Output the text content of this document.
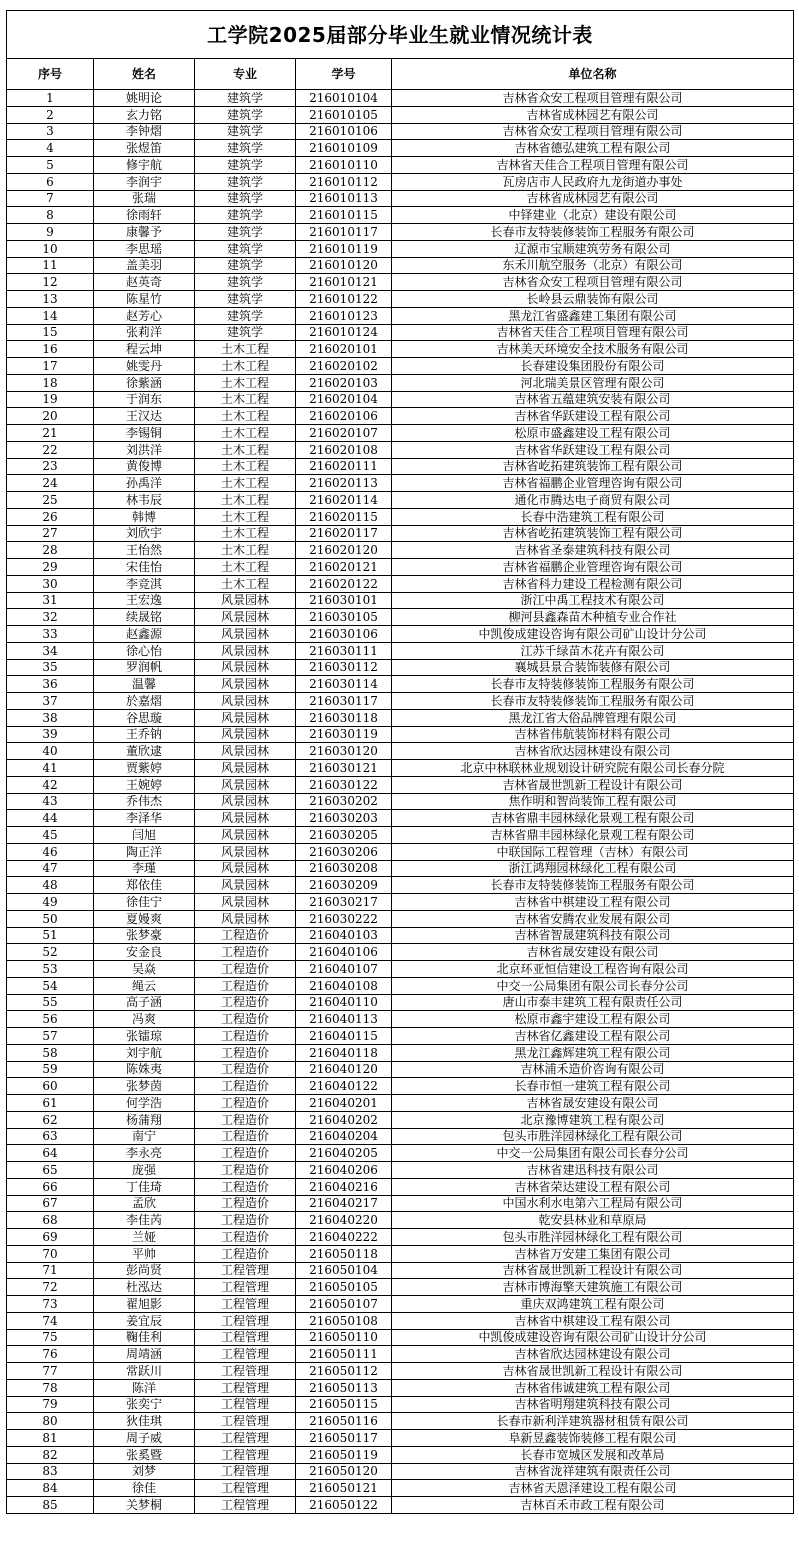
工学院2025届部分毕业生就业情况统计表				
序号	姓名	专业	学号	单位名称
1	姚明论	建筑学	216010104	吉林省众安工程项目管理有限公司
2	玄力铭	建筑学	216010105	吉林省成林园艺有限公司
3	李钟熠	建筑学	216010106	吉林省众安工程项目管理有限公司
4	张煜笛	建筑学	216010109	吉林省德弘建筑工程有限公司
5	修宇航	建筑学	216010110	吉林省天佳合工程项目管理有限公司
6	李润宇	建筑学	216010112	瓦房店市人民政府九龙街道办事处
7	张瑞	建筑学	216010113	吉林省成林园艺有限公司
8	徐雨轩	建筑学	216010115	中铎建业（北京）建设有限公司
9	康馨予	建筑学	216010117	长春市友特装修装饰工程服务有限公司
10	李思瑶	建筑学	216010119	辽源市宝顺建筑劳务有限公司
11	盖美羽	建筑学	216010120	东禾川航空服务（北京）有限公司
12	赵英奇	建筑学	216010121	吉林省众安工程项目管理有限公司
13	陈星竹	建筑学	216010122	长岭县云鼎装饰有限公司
14	赵芳心	建筑学	216010123	黑龙江省盛鑫建工集团有限公司
15	张莉洋	建筑学	216010124	吉林省天佳合工程项目管理有限公司
16	程云坤	土木工程	216020101	吉林美天环境安全技术服务有限公司
17	姚雯丹	土木工程	216020102	长春建设集团股份有限公司
18	徐紫涵	土木工程	216020103	河北瑞美景区管理有限公司
19	于润东	土木工程	216020104	吉林省五蕴建筑安装有限公司
20	王汉达	土木工程	216020106	吉林省华跃建设工程有限公司
21	李锡铜	土木工程	216020107	松原市盛鑫建设工程有限公司
22	刘洪洋	土木工程	216020108	吉林省华跃建设工程有限公司
23	黄俊博	土木工程	216020111	吉林省屹拓建筑装饰工程有限公司
24	孙禹洋	土木工程	216020113	吉林省福鹏企业管理咨询有限公司
25	林韦辰	土木工程	216020114	通化市腾达电子商贸有限公司
26	韩博	土木工程	216020115	长春中浩建筑工程有限公司
27	刘欣宇	土木工程	216020117	吉林省屹拓建筑装饰工程有限公司
28	王怡然	土木工程	216020120	吉林省圣泰建筑科技有限公司
29	宋佳怡	土木工程	216020121	吉林省福鹏企业管理咨询有限公司
30	李竞淇	土木工程	216020122	吉林省科力建设工程检测有限公司
31	王宏逸	风景园林	216030101	浙江中禹工程技术有限公司
32	续晟铭	风景园林	216030105	柳河县鑫森苗木种植专业合作社
33	赵鑫源	风景园林	216030106	中凯俊成建设咨询有限公司矿山设计分公司
34	徐心怡	风景园林	216030111	江苏千绿苗木花卉有限公司
35	罗润帆	风景园林	216030112	襄城县景合装饰装修有限公司
36	温馨	风景园林	216030114	长春市友特装修装饰工程服务有限公司
37	於嘉熠	风景园林	216030117	长春市友特装修装饰工程服务有限公司
38	谷思璇	风景园林	216030118	黑龙江省大俗品牌管理有限公司
39	王乔钠	风景园林	216030119	吉林省伟航装饰材料有限公司
40	董欣逮	风景园林	216030120	吉林省欣达园林建设有限公司
41	贾紫婷	风景园林	216030121	北京中林联林业规划设计研究院有限公司长春分院
42	王婉婷	风景园林	216030122	吉林省晟世凯新工程设计有限公司
43	乔伟杰	风景园林	216030202	焦作明和智尚装饰工程有限公司
44	李泽华	风景园林	216030203	吉林省鼎丰园林绿化景观工程有限公司
45	闫旭	风景园林	216030205	吉林省鼎丰园林绿化景观工程有限公司
46	陶正洋	风景园林	216030206	中联国际工程管理（吉林）有限公司
47	李瑾	风景园林	216030208	浙江鸿翔园林绿化工程有限公司
48	郑依佳	风景园林	216030209	长春市友特装修装饰工程服务有限公司
49	徐佳宁	风景园林	216030217	吉林省中棋建设工程有限公司
50	夏嫚爽	风景园林	216030222	吉林省安腾农业发展有限公司
51	张梦豪	工程造价	216040103	吉林省智晟建筑科技有限公司
52	安金良	工程造价	216040106	吉林省晟安建设有限公司
53	吴焱	工程造价	216040107	北京环亚恒信建设工程咨询有限公司
54	绳云	工程造价	216040108	中交一公局集团有限公司长春分公司
55	高子涵	工程造价	216040110	唐山市泰丰建筑工程有限责任公司
56	冯爽	工程造价	216040113	松原市鑫宇建设工程有限公司
57	张镭琼	工程造价	216040115	吉林省亿鑫建设工程有限公司
58	刘宇航	工程造价	216040118	黑龙江鑫辉建筑工程有限公司
59	陈姝夷	工程造价	216040120	吉林浦禾造价咨询有限公司
60	张梦茵	工程造价	216040122	长春市恒一建筑工程有限公司
61	何学浩	工程造价	216040201	吉林省晟安建设有限公司
62	杨蒲翔	工程造价	216040202	北京豫博建筑工程有限公司
63	南宁	工程造价	216040204	包头市胜洋园林绿化工程有限公司
64	李永亮	工程造价	216040205	中交一公局集团有限公司长春分公司
65	庞强	工程造价	216040206	吉林省建迅科技有限公司
66	丁佳琦	工程造价	216040216	吉林省荣达建设工程有限公司
67	孟欣	工程造价	216040217	中国水利水电第六工程局有限公司
68	李佳芮	工程造价	216040220	乾安县林业和草原局
69	兰娅	工程造价	216040222	包头市胜洋园林绿化工程有限公司
70	平帅	工程造价	216050118	吉林省万安建工集团有限公司
71	彭尚贤	工程管理	216050104	吉林省晟世凯新工程设计有限公司
72	杜泓达	工程管理	216050105	吉林市博海擎天建筑施工有限公司
73	翟旭影	工程管理	216050107	重庆双鸿建筑工程有限公司
74	姜宜辰	工程管理	216050108	吉林省中棋建设工程有限公司
75	鞠佳利	工程管理	216050110	中凯俊成建设咨询有限公司矿山设计分公司
76	周靖涵	工程管理	216050111	吉林省欣达园林建设有限公司
77	常跃川	工程管理	216050112	吉林省晟世凯新工程设计有限公司
78	陈洋	工程管理	216050113	吉林省伟诚建筑工程有限公司
79	张奕宁	工程管理	216050115	吉林省明翔建筑科技有限公司
80	狄佳琪	工程管理	216050116	长春市新利洋建筑器材租赁有限公司
81	周子威	工程管理	216050117	阜新昱鑫装饰装修工程有限公司
82	张奚暨	工程管理	216050119	长春市宽城区发展和改革局
83	刘梦	工程管理	216050120	吉林省泷祥建筑有限责任公司
84	徐佳	工程管理	216050121	吉林省天恩泽建设工程有限公司
85	关梦桐	工程管理	216050122	吉林百禾市政工程有限公司
